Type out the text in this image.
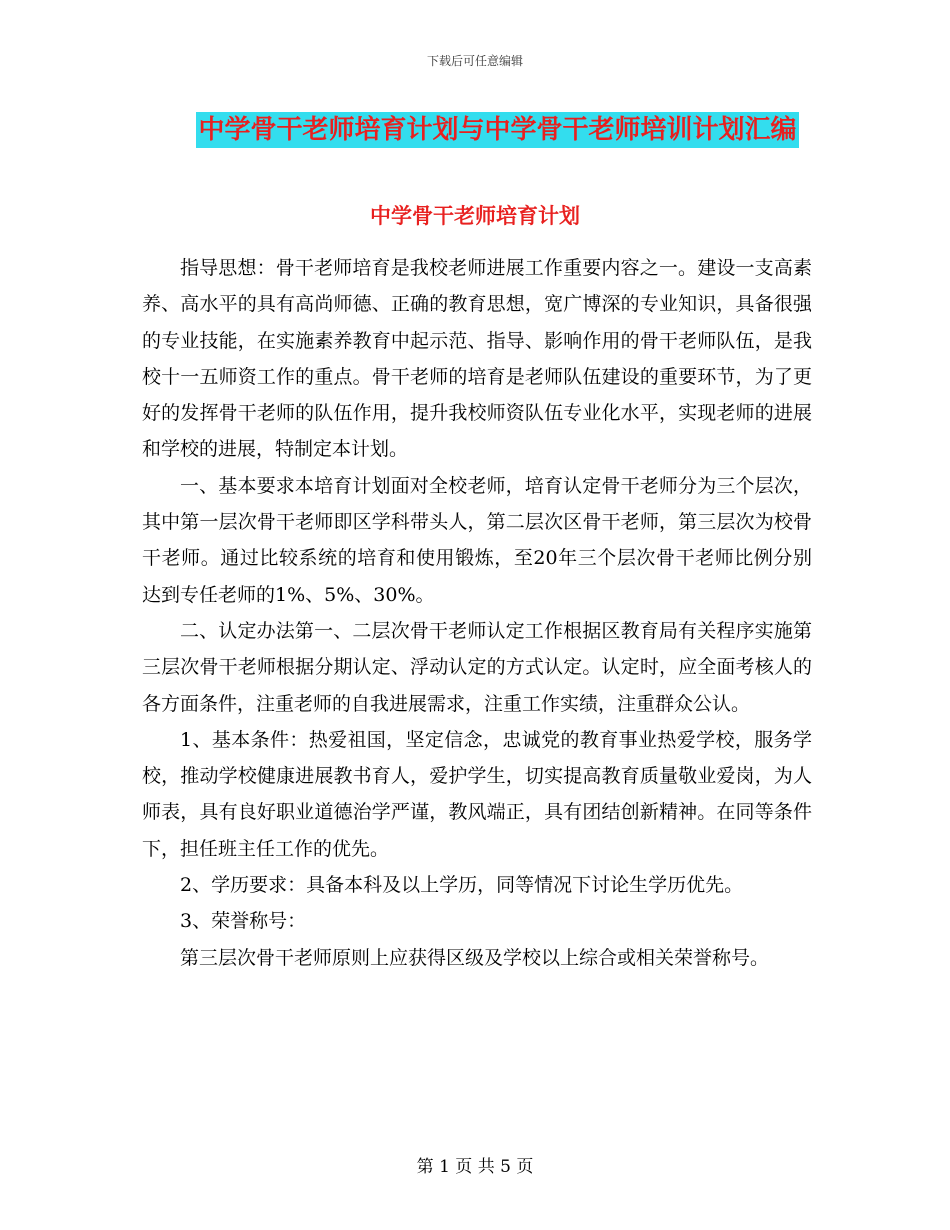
下载后可任意编辑
中学骨干老师培育计划与中学骨干老师培训计划汇编
中学骨干老师培育计划

指导思想：骨干老师培育是我校老师进展工作重要内容之一。建设一支高素养、高水平的具有高尚师德、正确的教育思想，宽广博深的专业知识，具备很强的专业技能，在实施素养教育中起示范、指导、影响作用的骨干老师队伍，是我校十一五师资工作的重点。骨干老师的培育是老师队伍建设的重要环节，为了更好的发挥骨干老师的队伍作用，提升我校师资队伍专业化水平，实现老师的进展和学校的进展，特制定本计划。

一、基本要求本培育计划面对全校老师，培育认定骨干老师分为三个层次，其中第一层次骨干老师即区学科带头人，第二层次区骨干老师，第三层次为校骨干老师。通过比较系统的培育和使用锻炼，至20年三个层次骨干老师比例分别达到专任老师的1%、5%、30%。

二、认定办法第一、二层次骨干老师认定工作根据区教育局有关程序实施第三层次骨干老师根据分期认定、浮动认定的方式认定。认定时，应全面考核人的各方面条件，注重老师的自我进展需求，注重工作实绩，注重群众公认。

1、基本条件：热爱祖国，坚定信念，忠诚党的教育事业热爱学校，服务学校，推动学校健康进展教书育人，爱护学生，切实提高教育质量敬业爱岗，为人师表，具有良好职业道德治学严谨，教风端正，具有团结创新精神。在同等条件下，担任班主任工作的优先。

2、学历要求：具备本科及以上学历，同等情况下讨论生学历优先。

3、荣誉称号：

第三层次骨干老师原则上应获得区级及学校以上综合或相关荣誉称号。

第 1 页 共 5 页
